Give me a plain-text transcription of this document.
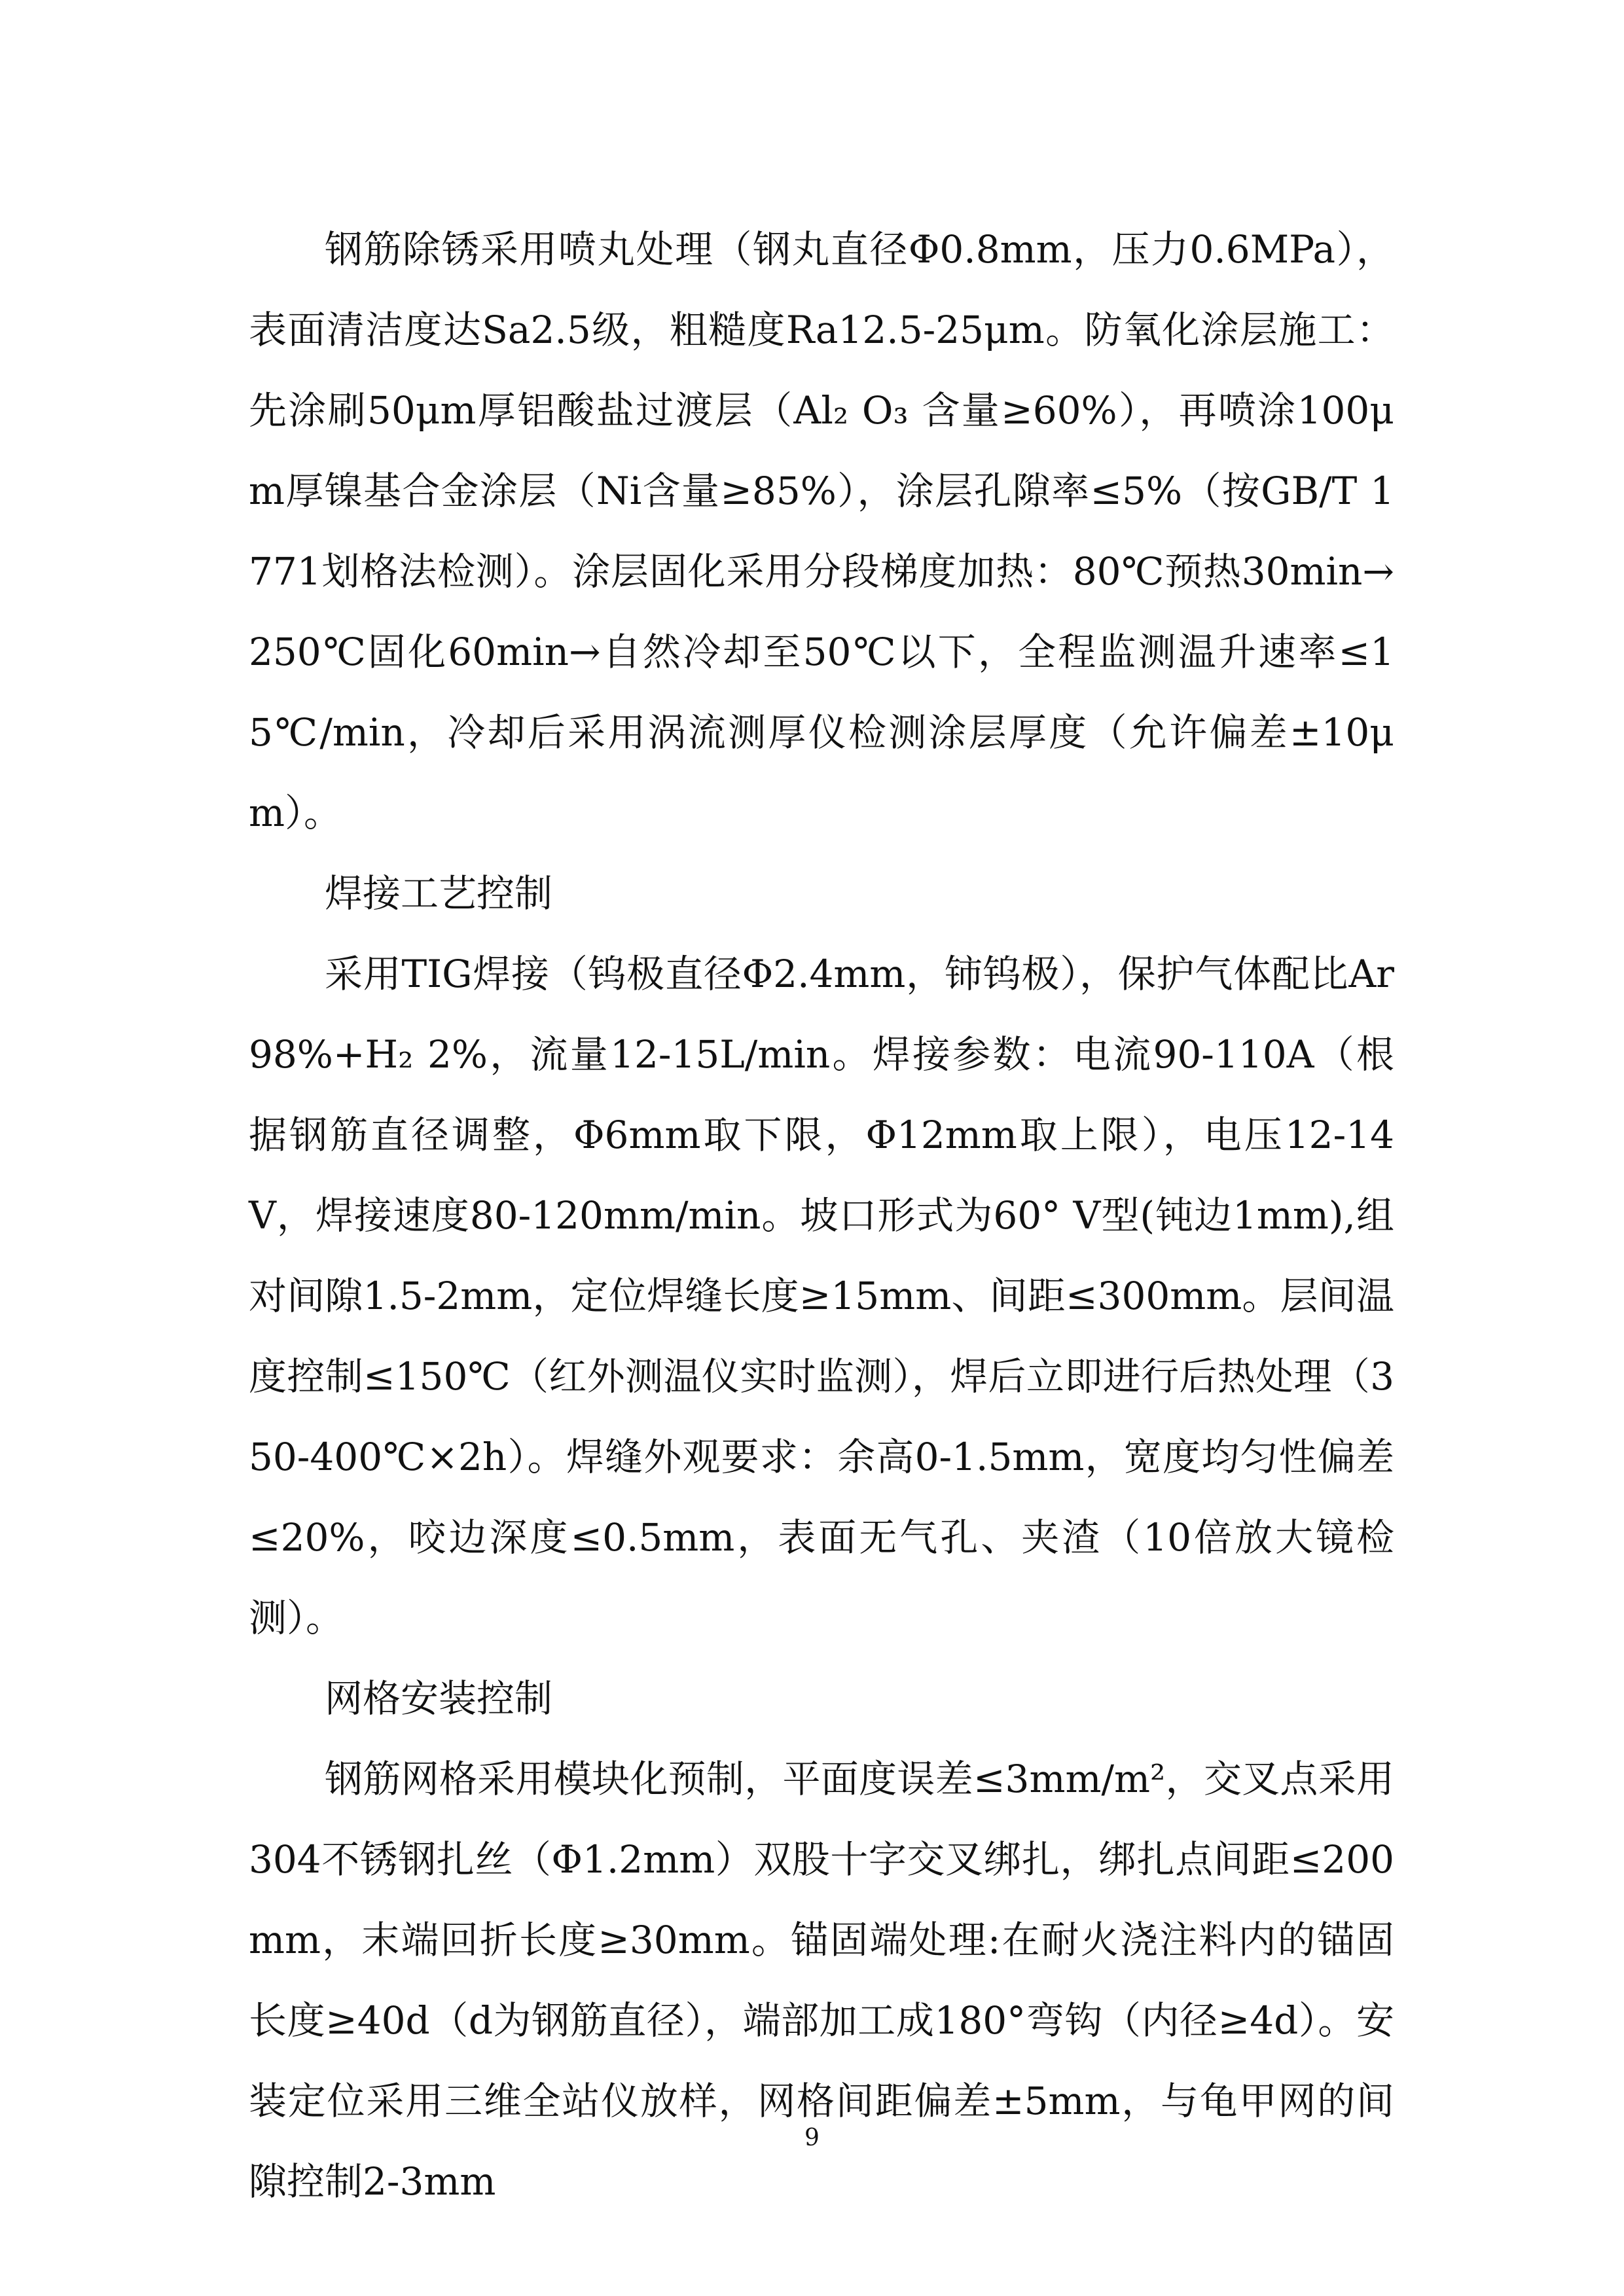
钢筋除锈采用喷丸处理（钢丸直径Φ0.8mm，压力0.6MPa），表面清洁度达Sa2.5级，粗糙度Ra12.5-25μm。防氧化涂层施工：先涂刷50μm厚铝酸盐过渡层（Al₂ O₃ 含量≥60%），再喷涂100μm厚镍基合金涂层（Ni含量≥85%），涂层孔隙率≤5%（按GB/T 1771划格法检测）。涂层固化采用分段梯度加热：80℃预热30min→250℃固化60min→自然冷却至50℃以下，全程监测温升速率≤15℃/min，冷却后采用涡流测厚仪检测涂层厚度（允许偏差±10μm）。

焊接工艺控制

采用TIG焊接（钨极直径Φ2.4mm，铈钨极），保护气体配比Ar98%+H₂ 2%，流量12-15L/min。焊接参数：电流90-110A（根据钢筋直径调整，Φ6mm取下限，Φ12mm取上限），电压12-14V，焊接速度80-120mm/min。坡口形式为60° V型(钝边1mm),组对间隙1.5-2mm，定位焊缝长度≥15mm、间距≤300mm。层间温度控制≤150℃（红外测温仪实时监测），焊后立即进行后热处理（350-400℃×2h）。焊缝外观要求：余高0-1.5mm，宽度均匀性偏差≤20%，咬边深度≤0.5mm，表面无气孔、夹渣（10倍放大镜检测）。

网格安装控制

钢筋网格采用模块化预制，平面度误差≤3mm/m²，交叉点采用304不锈钢扎丝（Φ1.2mm）双股十字交叉绑扎，绑扎点间距≤200mm，末端回折长度≥30mm。锚固端处理:在耐火浇注料内的锚固长度≥40d（d为钢筋直径），端部加工成180°弯钩（内径≥4d）。安装定位采用三维全站仪放样，网格间距偏差±5mm，与龟甲网的间隙控制2-3mm

9
